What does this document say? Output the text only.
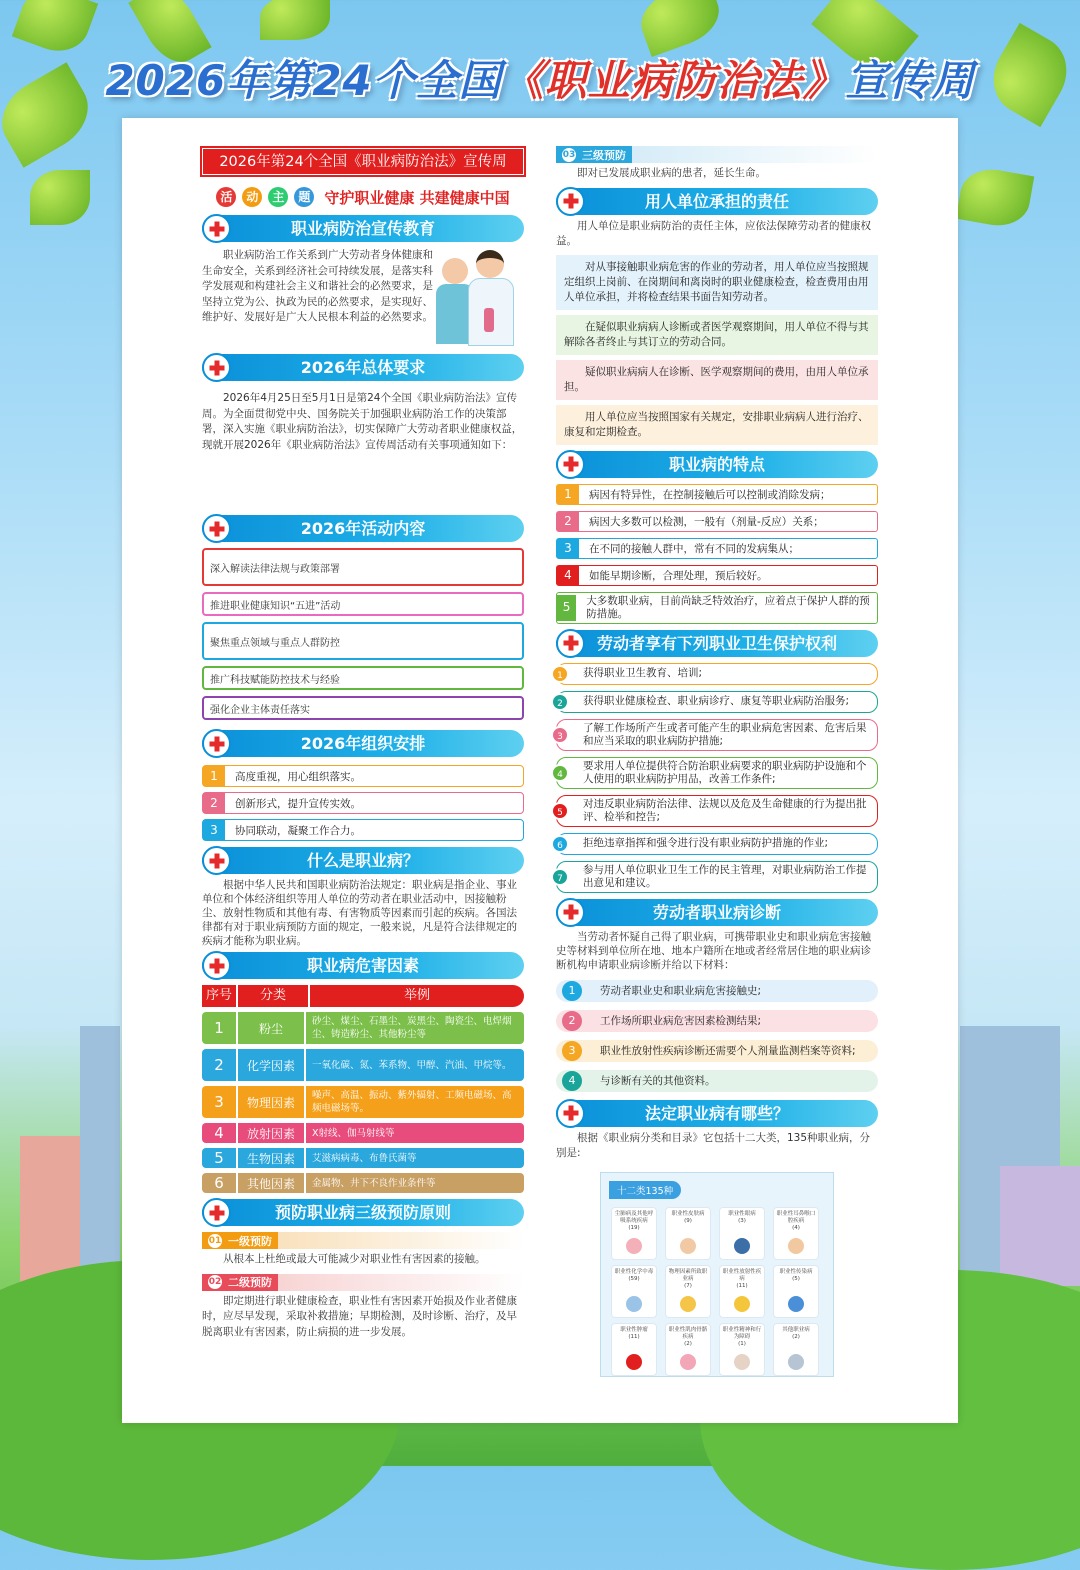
2026年第24个全国《职业病防治法》宣传周
2026年第24个全国《职业病防治法》宣传周
活	动	主	题 守护职业健康 共建健康中国
职业病防治宣传教育
职业病防治工作关系到广大劳动者身体健康和生命安全，关系到经济社会可持续发展，是落实科学发展观和构建社会主义和谐社会的必然要求，是坚持立党为公、执政为民的必然要求，是实现好、维护好、发展好是广大人民根本利益的必然要求。
2026年总体要求
2026年4月25日至5月1日是第24个全国《职业病防治法》宣传周。为全面贯彻党中央、国务院关于加强职业病防治工作的决策部署，深入实施《职业病防治法》，切实保障广大劳动者职业健康权益，现就开展2026年《职业病防治法》宣传周活动有关事项通知如下：
2026年活动内容
深入解读法律法规与政策部署
推进职业健康知识“五进”活动
聚焦重点领域与重点人群防控
推广科技赋能防控技术与经验
强化企业主体责任落实
2026年组织安排
1	高度重视，用心组织落实。
2	创新形式，提升宣传实效。
3	协同联动，凝聚工作合力。
什么是职业病？
根据中华人民共和国职业病防治法规定：职业病是指企业、事业单位和个体经济组织等用人单位的劳动者在职业活动中，因接触粉尘、放射性物质和其他有毒、有害物质等因素而引起的疾病。各国法律都有对于职业病预防方面的规定，一般来说，凡是符合法律规定的疾病才能称为职业病。
职业病危害因素
序号	分类	举例
1	粉尘	砂尘、煤尘、石墨尘、炭黑尘、陶瓷尘、电焊烟尘、铸造粉尘、其他粉尘等
2	化学因素	一氧化碳、氮、苯系物、甲醇、汽油、甲烷等。
3	物理因素	噪声、高温、振动、紫外辐射、工频电磁场、高频电磁场等。
4	放射因素	X射线、伽马射线等
5	生物因素	艾滋病病毒、布鲁氏菌等
6	其他因素	金属物、井下不良作业条件等
预防职业病三级预防原则
01 一级预防
从根本上杜绝或最大可能减少对职业性有害因素的接触。
02 二级预防
即定期进行职业健康检查，职业性有害因素开始损及作业者健康时，应尽早发现，采取补救措施；早期检测，及时诊断、治疗，及早脱离职业有害因素，防止病损的进一步发展。
03 三级预防
即对已发展成职业病的患者，延长生命。
用人单位承担的责任
用人单位是职业病防治的责任主体，应依法保障劳动者的健康权益。
对从事接触职业病危害的作业的劳动者，用人单位应当按照规定组织上岗前、在岗期间和离岗时的职业健康检查，检查费用由用人单位承担，并将检查结果书面告知劳动者。
在疑似职业病病人诊断或者医学观察期间，用人单位不得与其解除各者终止与其订立的劳动合同。
疑似职业病病人在诊断、医学观察期间的费用，由用人单位承担。
用人单位应当按照国家有关规定，安排职业病病人进行治疗、康复和定期检查。
职业病的特点
1	病因有特异性，在控制接触后可以控制或消除发病；
2	病因大多数可以检测，一般有（剂量-反应）关系；
3	在不同的接触人群中，常有不同的发病集从；
4	如能早期诊断，合理处理，预后较好。
5	大多数职业病，目前尚缺乏特效治疗，应着点于保护人群的预防措施。
劳动者享有下列职业卫生保护权利
1	获得职业卫生教育、培训;
2	获得职业健康检查、职业病诊疗、康复等职业病防治服务;
3
了解工作场所产生或者可能产生的职业病危害因素、危害后果和应当采取的职业病防护措施;
4
要求用人单位提供符合防治职业病要求的职业病防护设施和个人使用的职业病防护用品，改善工作条件;
5
对违反职业病防治法律、法规以及危及生命健康的行为提出批评、检举和控告;
6	拒绝违章指挥和强令进行没有职业病防护措施的作业;
7
参与用人单位职业卫生工作的民主管理，对职业病防治工作提出意见和建议。
劳动者职业病诊断
当劳动者怀疑自己得了职业病，可携带职业史和职业病危害接触史等材料到单位所在地、地本户籍所在地或者经常居住地的职业病诊断机构申请职业病诊断并给以下材料：
1	劳动者职业史和职业病危害接触史;
2	工作场所职业病危害因素检测结果;
3	职业性放射性疾病诊断还需要个人剂量监测档案等资料;
4	与诊断有关的其他资料。
法定职业病有哪些？
根据《职业病分类和目录》它包括十二大类，135种职业病，分别是:
十二类135种
尘肺病及其他呼吸系统疾病
(19)
职业性皮肤病
(9)
职业性眼病
(3)
职业性耳鼻喉口腔疾病
(4)
职业性化学中毒
(59)
物理因素所致职业病
(7)
职业性放射性疾病
(11)
职业性传染病
(5)
职业性肿瘤
(11)
职业性肌肉骨骼疾病
(2)
职业性精神和行为障碍
(1)
其他职业病
(2)
